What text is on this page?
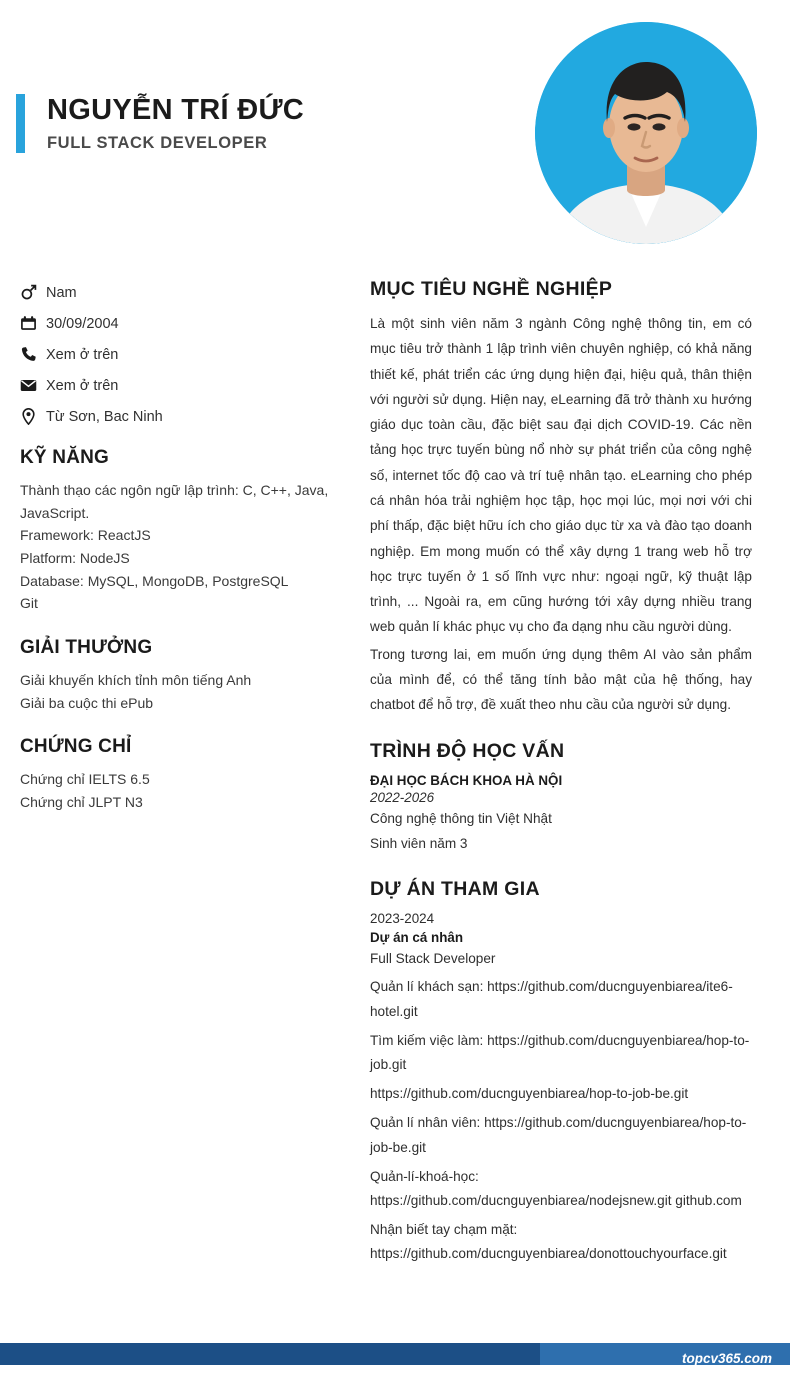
NGUYỄN TRÍ ĐỨC
FULL STACK DEVELOPER
Nam
30/09/2004
Xem ở trên
Xem ở trên
Từ Sơn, Bac Ninh
KỸ NĂNG
Thành thạo các ngôn ngữ lập trình: C, C++, Java, JavaScript.
Framework: ReactJS
Platform: NodeJS
Database: MySQL, MongoDB, PostgreSQL
Git
GIẢI THƯỞNG
Giải khuyến khích tỉnh môn tiếng Anh
Giải ba cuộc thi ePub
CHỨNG CHỈ
Chứng chỉ IELTS 6.5
Chứng chỉ JLPT N3
MỤC TIÊU NGHỀ NGHIỆP

Là một sinh viên năm 3 ngành Công nghệ thông tin, em có mục tiêu trở thành 1 lập trình viên chuyên nghiệp, có khả năng thiết kế, phát triển các ứng dụng hiện đại, hiệu quả, thân thiện với người sử dụng. Hiện nay, eLearning đã trở thành xu hướng giáo dục toàn cầu, đặc biệt sau đại dịch COVID-19. Các nền tảng học trực tuyến bùng nổ nhờ sự phát triển của công nghệ số, internet tốc độ cao và trí tuệ nhân tạo. eLearning cho phép cá nhân hóa trải nghiệm học tập, học mọi lúc, mọi nơi với chi phí thấp, đặc biệt hữu ích cho giáo dục từ xa và đào tạo doanh nghiệp. Em mong muốn có thể xây dựng 1 trang web hỗ trợ học trực tuyến ở 1 số lĩnh vực như: ngoại ngữ, kỹ thuật lập trình, ... Ngoài ra, em cũng hướng tới xây dựng nhiều trang web quản lí khác phục vụ cho đa dạng nhu cầu người dùng.

Trong tương lai, em muốn ứng dụng thêm AI vào sản phẩm của mình để, có thể tăng tính bảo mật của hệ thống, hay chatbot để hỗ trợ, đề xuất theo nhu cầu của người sử dụng.

TRÌNH ĐỘ HỌC VẤN
ĐẠI HỌC BÁCH KHOA HÀ NỘI
2022-2026
Công nghệ thông tin Việt Nhật
Sinh viên năm 3
DỰ ÁN THAM GIA
2023-2024
Dự án cá nhân
Full Stack Developer
Quản lí khách sạn: https://github.com/ducnguyenbiarea/ite6-hotel.git
Tìm kiếm việc làm: https://github.com/ducnguyenbiarea/hop-to-job.git
https://github.com/ducnguyenbiarea/hop-to-job-be.git
Quản lí nhân viên: https://github.com/ducnguyenbiarea/hop-to-job-be.git
Quản-lí-khoá-học: https://github.com/ducnguyenbiarea/nodejsnew.git github.com
Nhận biết tay chạm mặt: https://github.com/ducnguyenbiarea/donottouchyourface.git
topcv365.com
